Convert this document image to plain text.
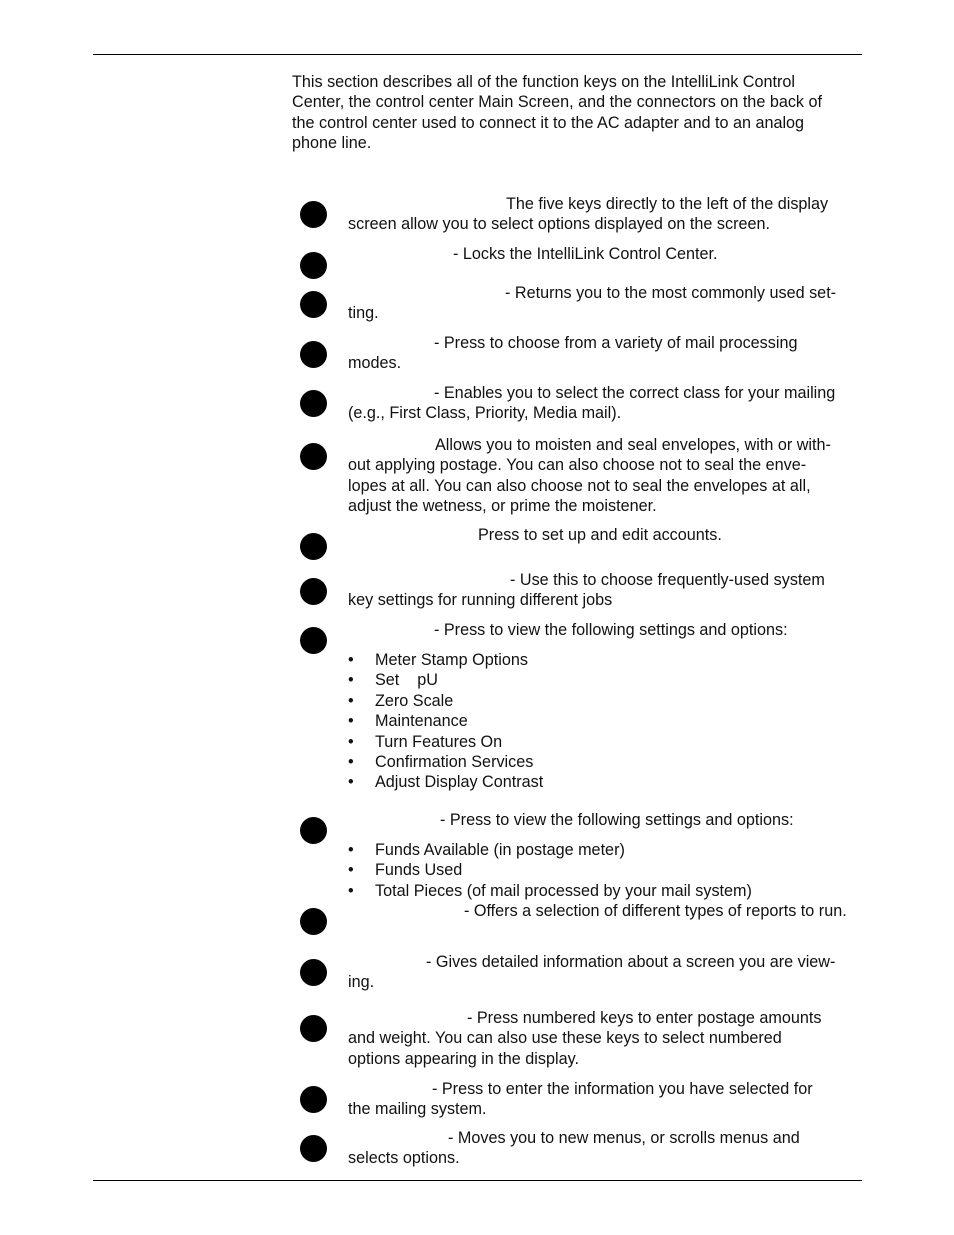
This section describes all of the function keys on the IntelliLink Control
Center, the control center Main Screen, and the connectors on the back of
the control center used to connect it to the AC adapter and to an analog
phone line.

The five keys directly to the left of the display
screen allow you to select options displayed on the screen.
- Locks the IntelliLink Control Center.
- Returns you to the most commonly used set-
ting.
- Press to choose from a variety of mail processing
modes.
- Enables you to select the correct class for your mailing
(e.g., First Class, Priority, Media mail).
Allows you to moisten and seal envelopes, with or with-
out applying postage. You can also choose not to seal the enve-
lopes at all. You can also choose not to seal the envelopes at all,
adjust the wetness, or prime the moistener.
Press to set up and edit accounts.
- Use this to choose frequently-used system
key settings for running different jobs
- Press to view the following settings and options:
• Meter Stamp Options
• Set    pU
• Zero Scale
• Maintenance
• Turn Features On
• Confirmation Services
• Adjust Display Contrast
- Press to view the following settings and options:
• Funds Available (in postage meter)
• Funds Used
• Total Pieces (of mail processed by your mail system)
- Offers a selection of different types of reports to run.
- Gives detailed information about a screen you are view-
ing.
- Press numbered keys to enter postage amounts
and weight. You can also use these keys to select numbered
options appearing in the display.
- Press to enter the information you have selected for
the mailing system.
- Moves you to new menus, or scrolls menus and
selects options.
